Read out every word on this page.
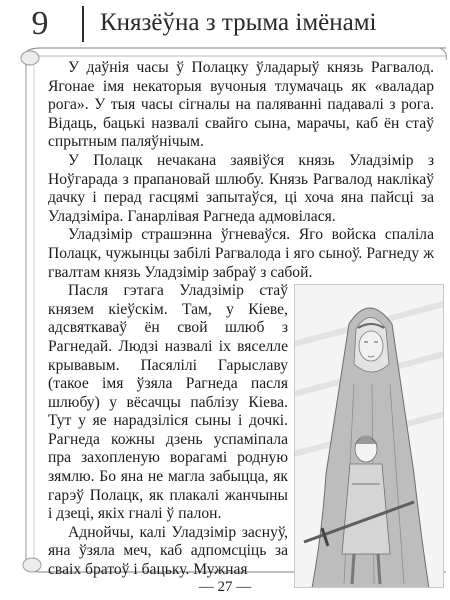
9	Князёўна з трыма імёнамі

У даўнія часы ў Полацку ўладарыў князь Рагвалод. Ягонае імя некаторыя вучоныя тлумачаць як «валадар рога». У тыя часы сігналы на паляванні падавалі з рога. Відаць, бацькі назвалі свайго сына, марачы, каб ён стаў спрытным паляўнічым.

У Полацк нечакана заявіўся князь Уладзімір з Ноўгарада з прапановай шлюбу. Князь Рагвалод наклікаў дачку і перад гасцямі запытаўся, ці хоча яна пайсці за Уладзіміра. Ганарлівая Рагнеда адмовілася.

Уладзімір страшэнна ўгневаўся. Яго войска спаліла Полацк, чужынцы забілі Рагвалода і яго сыноў. Рагнеду ж гвалтам князь Уладзімір забраў з сабой.

Пасля гэтага Уладзімір стаў князем кіеўскім. Там, у Кіеве, адсвяткаваў ён свой шлюб з Рагнедай. Людзі назвалі іх вяселле крывавым. Пасялілі Гарыславу (такое імя ўзяла Рагнеда пасля шлюбу) у вёсачцы паблізу Кіева. Тут у яе нарадзіліся сыны і дочкі. Рагнеда кожны дзень успаміпала пра захопленую ворагамі родную зямлю. Бо яна не магла забыцца, як гарэў Полацк, як плакалі жанчыны і дзеці, якіх гналі ў палон.

Аднойчы, калі Уладзімір заснуў, яна ўзяла меч, каб адпомсціць за сваіх братоў і бацьку. Мужная

— 27 —
